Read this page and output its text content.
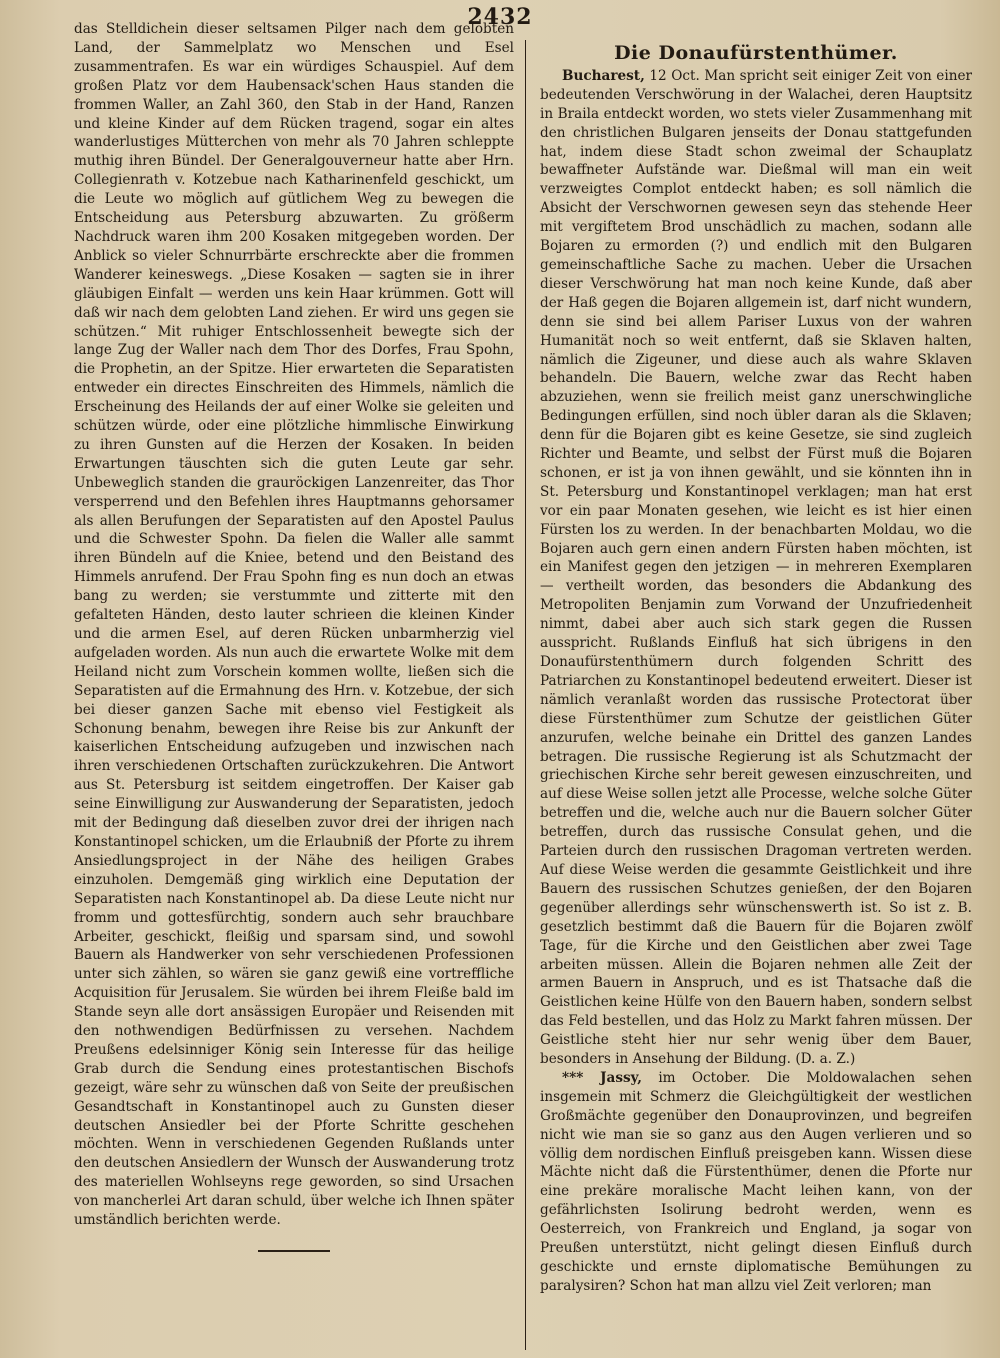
2432

das Stelldichein dieser seltsamen Pilger nach dem gelobten Land, der Sammelplatz wo Menschen und Esel zusammentrafen. Es war ein würdiges Schauspiel. Auf dem großen Platz vor dem Haubensack'schen Haus standen die frommen Waller, an Zahl 360, den Stab in der Hand, Ranzen und kleine Kinder auf dem Rücken tragend, sogar ein altes wanderlustiges Mütterchen von mehr als 70 Jahren schleppte muthig ihren Bündel. Der Generalgouverneur hatte aber Hrn. Collegienrath v. Kotzebue nach Katharinenfeld geschickt, um die Leute wo möglich auf gütlichem Weg zu bewegen die Entscheidung aus Petersburg abzuwarten. Zu größerm Nachdruck waren ihm 200 Kosaken mitgegeben worden. Der Anblick so vieler Schnurrbärte erschreckte aber die frommen Wanderer keineswegs. „Diese Kosaken — sagten sie in ihrer gläubigen Einfalt — werden uns kein Haar krümmen. Gott will daß wir nach dem gelobten Land ziehen. Er wird uns gegen sie schützen.“ Mit ruhiger Entschlossenheit bewegte sich der lange Zug der Waller nach dem Thor des Dorfes, Frau Spohn, die Prophetin, an der Spitze. Hier erwarteten die Separatisten entweder ein directes Einschreiten des Himmels, nämlich die Erscheinung des Heilands der auf einer Wolke sie geleiten und schützen würde, oder eine plötzliche himmlische Einwirkung zu ihren Gunsten auf die Herzen der Kosaken. In beiden Erwartungen täuschten sich die guten Leute gar sehr. Unbeweglich standen die grauröckigen Lanzenreiter, das Thor versperrend und den Befehlen ihres Hauptmanns gehorsamer als allen Berufungen der Separatisten auf den Apostel Paulus und die Schwester Spohn. Da fielen die Waller alle sammt ihren Bündeln auf die Kniee, betend und den Beistand des Himmels anrufend. Der Frau Spohn fing es nun doch an etwas bang zu werden; sie verstummte und zitterte mit den gefalteten Händen, desto lauter schrieen die kleinen Kinder und die armen Esel, auf deren Rücken unbarmherzig viel aufgeladen worden. Als nun auch die erwartete Wolke mit dem Heiland nicht zum Vorschein kommen wollte, ließen sich die Separatisten auf die Ermahnung des Hrn. v. Kotzebue, der sich bei dieser ganzen Sache mit ebenso viel Festigkeit als Schonung benahm, bewegen ihre Reise bis zur Ankunft der kaiserlichen Entscheidung aufzugeben und inzwischen nach ihren verschiedenen Ortschaften zurückzukehren. Die Antwort aus St. Petersburg ist seitdem eingetroffen. Der Kaiser gab seine Einwilligung zur Auswanderung der Separatisten, jedoch mit der Bedingung daß dieselben zuvor drei der ihrigen nach Konstantinopel schicken, um die Erlaubniß der Pforte zu ihrem Ansiedlungsproject in der Nähe des heiligen Grabes einzuholen. Demgemäß ging wirklich eine Deputation der Separatisten nach Konstantinopel ab. Da diese Leute nicht nur fromm und gottesfürchtig, sondern auch sehr brauchbare Arbeiter, geschickt, fleißig und sparsam sind, und sowohl Bauern als Handwerker von sehr verschiedenen Professionen unter sich zählen, so wären sie ganz gewiß eine vortreffliche Acquisition für Jerusalem. Sie würden bei ihrem Fleiße bald im Stande seyn alle dort ansässigen Europäer und Reisenden mit den nothwendigen Bedürfnissen zu versehen. Nachdem Preußens edelsinniger König sein Interesse für das heilige Grab durch die Sendung eines protestantischen Bischofs gezeigt, wäre sehr zu wünschen daß von Seite der preußischen Gesandtschaft in Konstantinopel auch zu Gunsten dieser deutschen Ansiedler bei der Pforte Schritte geschehen möchten. Wenn in verschiedenen Gegenden Rußlands unter den deutschen Ansiedlern der Wunsch der Auswanderung trotz des materiellen Wohlseyns rege geworden, so sind Ursachen von mancherlei Art daran schuld, über welche ich Ihnen später umständlich berichten werde.

Die Donaufürstenthümer.

Bucharest, 12 Oct. Man spricht seit einiger Zeit von einer bedeutenden Verschwörung in der Walachei, deren Hauptsitz in Braila entdeckt worden, wo stets vieler Zusammenhang mit den christlichen Bulgaren jenseits der Donau stattgefunden hat, indem diese Stadt schon zweimal der Schauplatz bewaffneter Aufstände war. Dießmal will man ein weit verzweigtes Complot entdeckt haben; es soll nämlich die Absicht der Verschwornen gewesen seyn das stehende Heer mit vergiftetem Brod unschädlich zu machen, sodann alle Bojaren zu ermorden (?) und endlich mit den Bulgaren gemeinschaftliche Sache zu machen. Ueber die Ursachen dieser Verschwörung hat man noch keine Kunde, daß aber der Haß gegen die Bojaren allgemein ist, darf nicht wundern, denn sie sind bei allem Pariser Luxus von der wahren Humanität noch so weit entfernt, daß sie Sklaven halten, nämlich die Zigeuner, und diese auch als wahre Sklaven behandeln. Die Bauern, welche zwar das Recht haben abzuziehen, wenn sie freilich meist ganz unerschwingliche Bedingungen erfüllen, sind noch übler daran als die Sklaven; denn für die Bojaren gibt es keine Gesetze, sie sind zugleich Richter und Beamte, und selbst der Fürst muß die Bojaren schonen, er ist ja von ihnen gewählt, und sie könnten ihn in St. Petersburg und Konstantinopel verklagen; man hat erst vor ein paar Monaten gesehen, wie leicht es ist hier einen Fürsten los zu werden. In der benachbarten Moldau, wo die Bojaren auch gern einen andern Fürsten haben möchten, ist ein Manifest gegen den jetzigen — in mehreren Exemplaren — vertheilt worden, das besonders die Abdankung des Metropoliten Benjamin zum Vorwand der Unzufriedenheit nimmt, dabei aber auch sich stark gegen die Russen ausspricht. Rußlands Einfluß hat sich übrigens in den Donaufürstenthümern durch folgenden Schritt des Patriarchen zu Konstantinopel bedeutend erweitert. Dieser ist nämlich veranlaßt worden das russische Protectorat über diese Fürstenthümer zum Schutze der geistlichen Güter anzurufen, welche beinahe ein Drittel des ganzen Landes betragen. Die russische Regierung ist als Schutzmacht der griechischen Kirche sehr bereit gewesen einzuschreiten, und auf diese Weise sollen jetzt alle Processe, welche solche Güter betreffen und die, welche auch nur die Bauern solcher Güter betreffen, durch das russische Consulat gehen, und die Parteien durch den russischen Dragoman vertreten werden. Auf diese Weise werden die gesammte Geistlichkeit und ihre Bauern des russischen Schutzes genießen, der den Bojaren gegenüber allerdings sehr wünschenswerth ist. So ist z. B. gesetzlich bestimmt daß die Bauern für die Bojaren zwölf Tage, für die Kirche und den Geistlichen aber zwei Tage arbeiten müssen. Allein die Bojaren nehmen alle Zeit der armen Bauern in Anspruch, und es ist Thatsache daß die Geistlichen keine Hülfe von den Bauern haben, sondern selbst das Feld bestellen, und das Holz zu Markt fahren müssen. Der Geistliche steht hier nur sehr wenig über dem Bauer, besonders in Ansehung der Bildung. (D. a. Z.)

*** Jassy, im October. Die Moldowalachen sehen insgemein mit Schmerz die Gleichgültigkeit der westlichen Großmächte gegenüber den Donauprovinzen, und begreifen nicht wie man sie so ganz aus den Augen verlieren und so völlig dem nordischen Einfluß preisgeben kann. Wissen diese Mächte nicht daß die Fürstenthümer, denen die Pforte nur eine prekäre moralische Macht leihen kann, von der gefährlichsten Isolirung bedroht werden, wenn es Oesterreich, von Frankreich und England, ja sogar von Preußen unterstützt, nicht gelingt diesen Einfluß durch geschickte und ernste diplomatische Bemühungen zu paralysiren? Schon hat man allzu viel Zeit verloren; man
